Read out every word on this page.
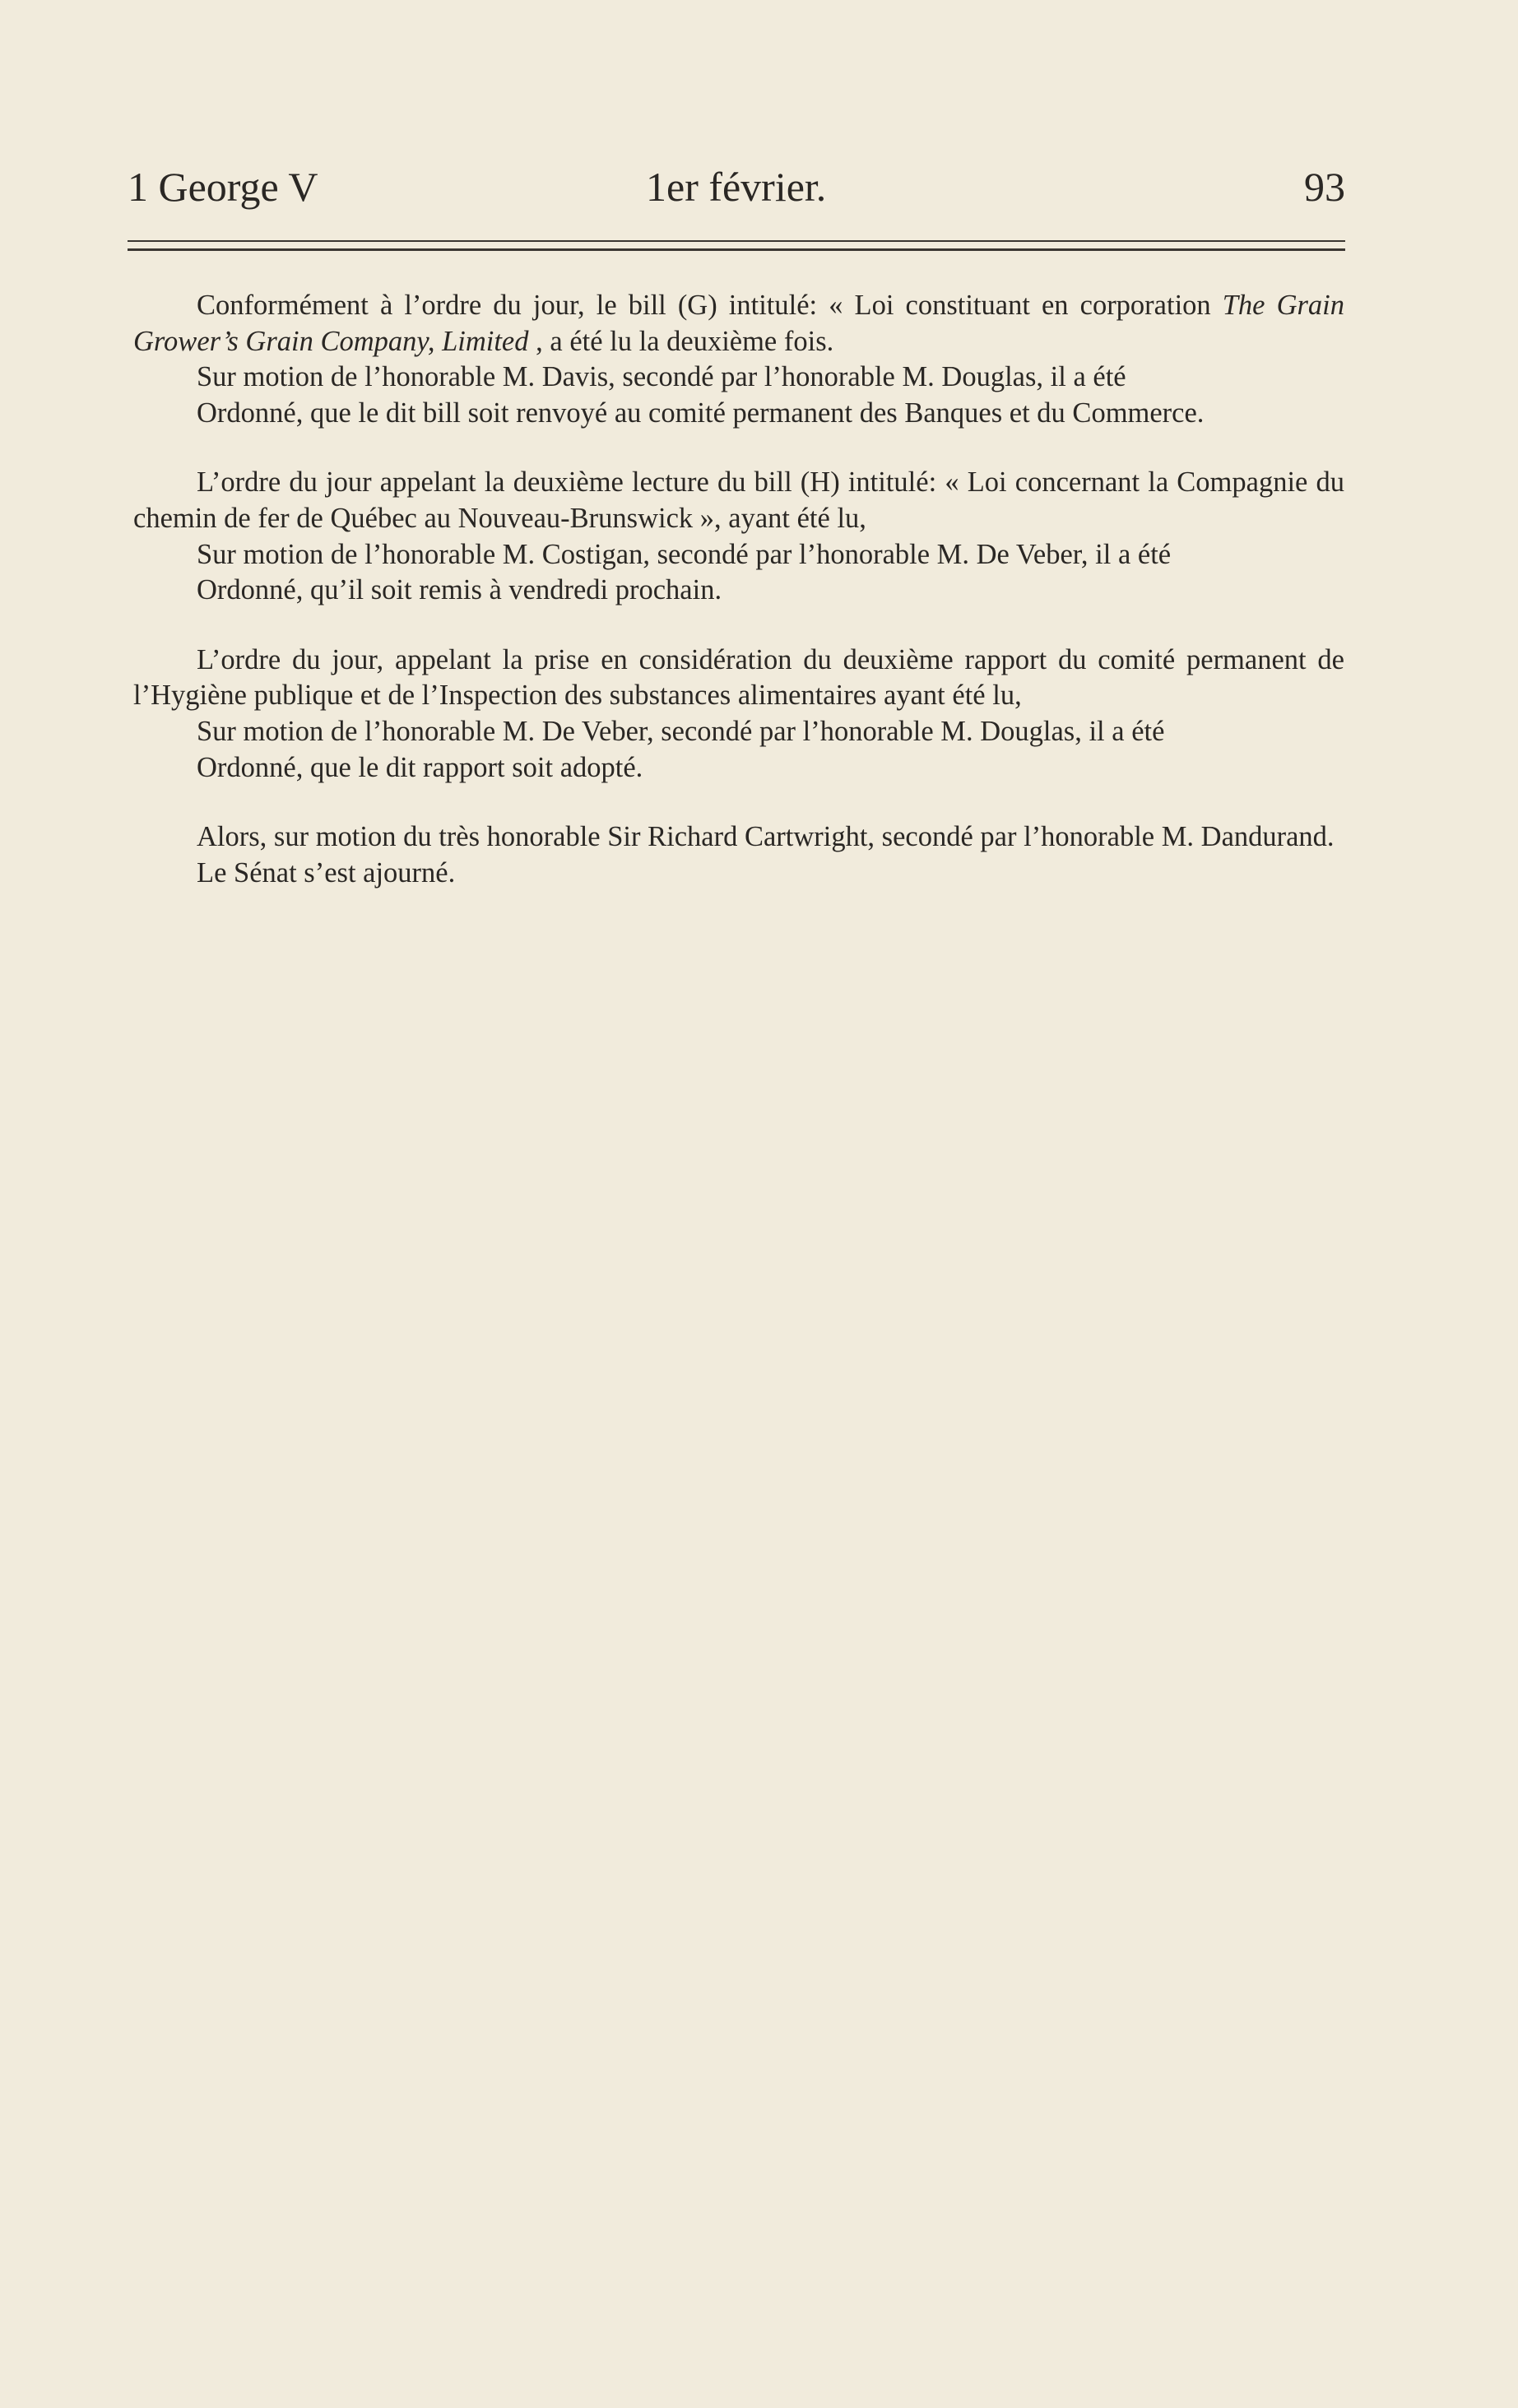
1 George V	1er février.	93

Conformément à l’ordre du jour, le bill (G) intitulé: « Loi constituant en corporation The Grain Grower’s Grain Company, Limited , a été lu la deuxième fois.

Sur motion de l’honorable M. Davis, secondé par l’honorable M. Douglas, il a été

Ordonné, que le dit bill soit renvoyé au comité permanent des Banques et du Commerce.

L’ordre du jour appelant la deuxième lecture du bill (H) intitulé: « Loi concernant la Compagnie du chemin de fer de Québec au Nouveau-Brunswick », ayant été lu,

Sur motion de l’honorable M. Costigan, secondé par l’honorable M. De Veber, il a été

Ordonné, qu’il soit remis à vendredi prochain.

L’ordre du jour, appelant la prise en considération du deuxième rapport du comité permanent de l’Hygiène publique et de l’Inspection des substances alimentaires ayant été lu,

Sur motion de l’honorable M. De Veber, secondé par l’honorable M. Douglas, il a été

Ordonné, que le dit rapport soit adopté.

Alors, sur motion du très honorable Sir Richard Cartwright, secondé par l’honorable M. Dandurand.

Le Sénat s’est ajourné.
